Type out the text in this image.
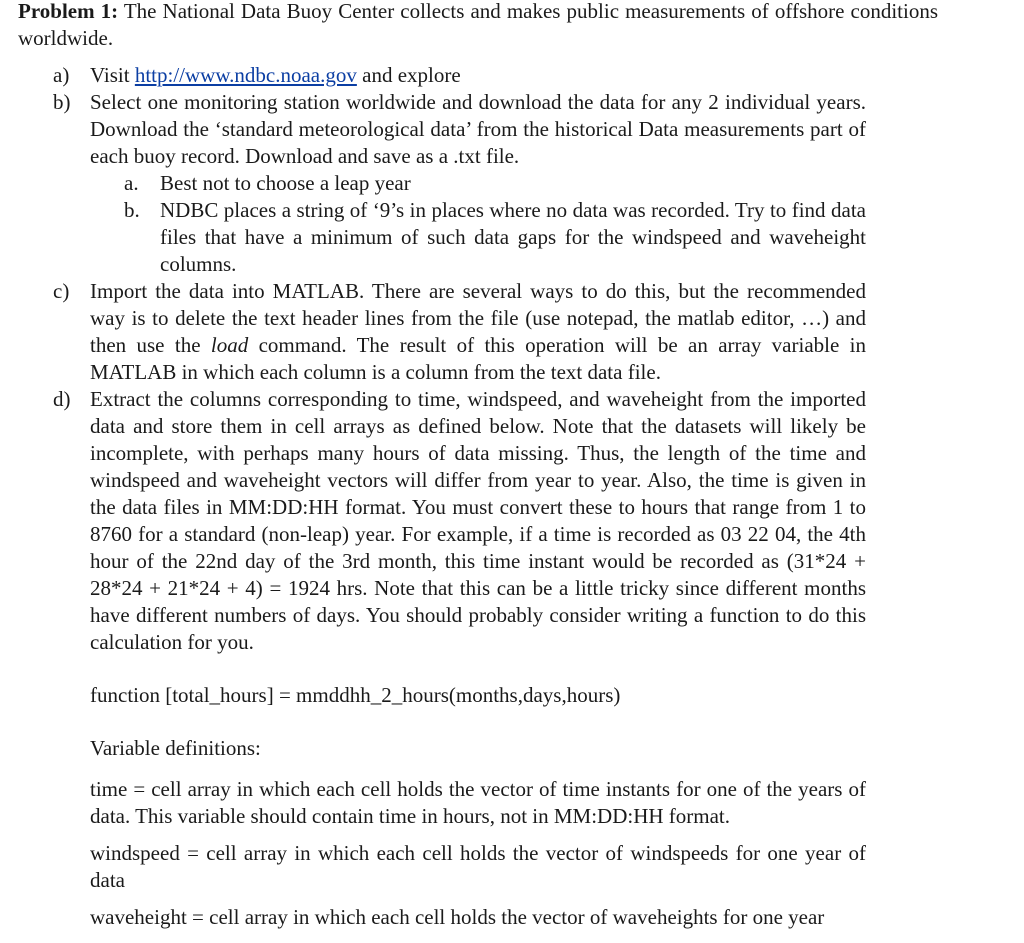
Problem 1: The National Data Buoy Center collects and makes public measurements of offshore conditions worldwide.

a) Visit http://www.ndbc.noaa.gov and explore
b) Select one monitoring station worldwide and download the data for any 2 individual years. Download the ‘standard meteorological data’ from the historical Data measurements part of each buoy record. Download and save as a .txt file.
a. Best not to choose a leap year
b. NDBC places a string of ‘9’s in places where no data was recorded. Try to find data files that have a minimum of such data gaps for the windspeed and waveheight columns.
c) Import the data into MATLAB. There are several ways to do this, but the recommended way is to delete the text header lines from the file (use notepad, the matlab editor, …) and then use the load command. The result of this operation will be an array variable in MATLAB in which each column is a column from the text data file.
d) Extract the columns corresponding to time, windspeed, and waveheight from the imported data and store them in cell arrays as defined below. Note that the datasets will likely be incomplete, with perhaps many hours of data missing. Thus, the length of the time and windspeed and waveheight vectors will differ from year to year. Also, the time is given in the data files in MM:DD:HH format. You must convert these to hours that range from 1 to 8760 for a standard (non-leap) year. For example, if a time is recorded as 03 22 04, the 4th hour of the 22nd day of the 3rd month, this time instant would be recorded as (31*24 + 28*24 + 21*24 + 4) = 1924 hrs. Note that this can be a little tricky since different months have different numbers of days. You should probably consider writing a function to do this calculation for you.
function [total_hours] = mmddhh_2_hours(months,days,hours)
Variable definitions:
time = cell array in which each cell holds the vector of time instants for one of the years of data. This variable should contain time in hours, not in MM:DD:HH format.
windspeed = cell array in which each cell holds the vector of windspeeds for one year of data
waveheight = cell array in which each cell holds the vector of waveheights for one year
